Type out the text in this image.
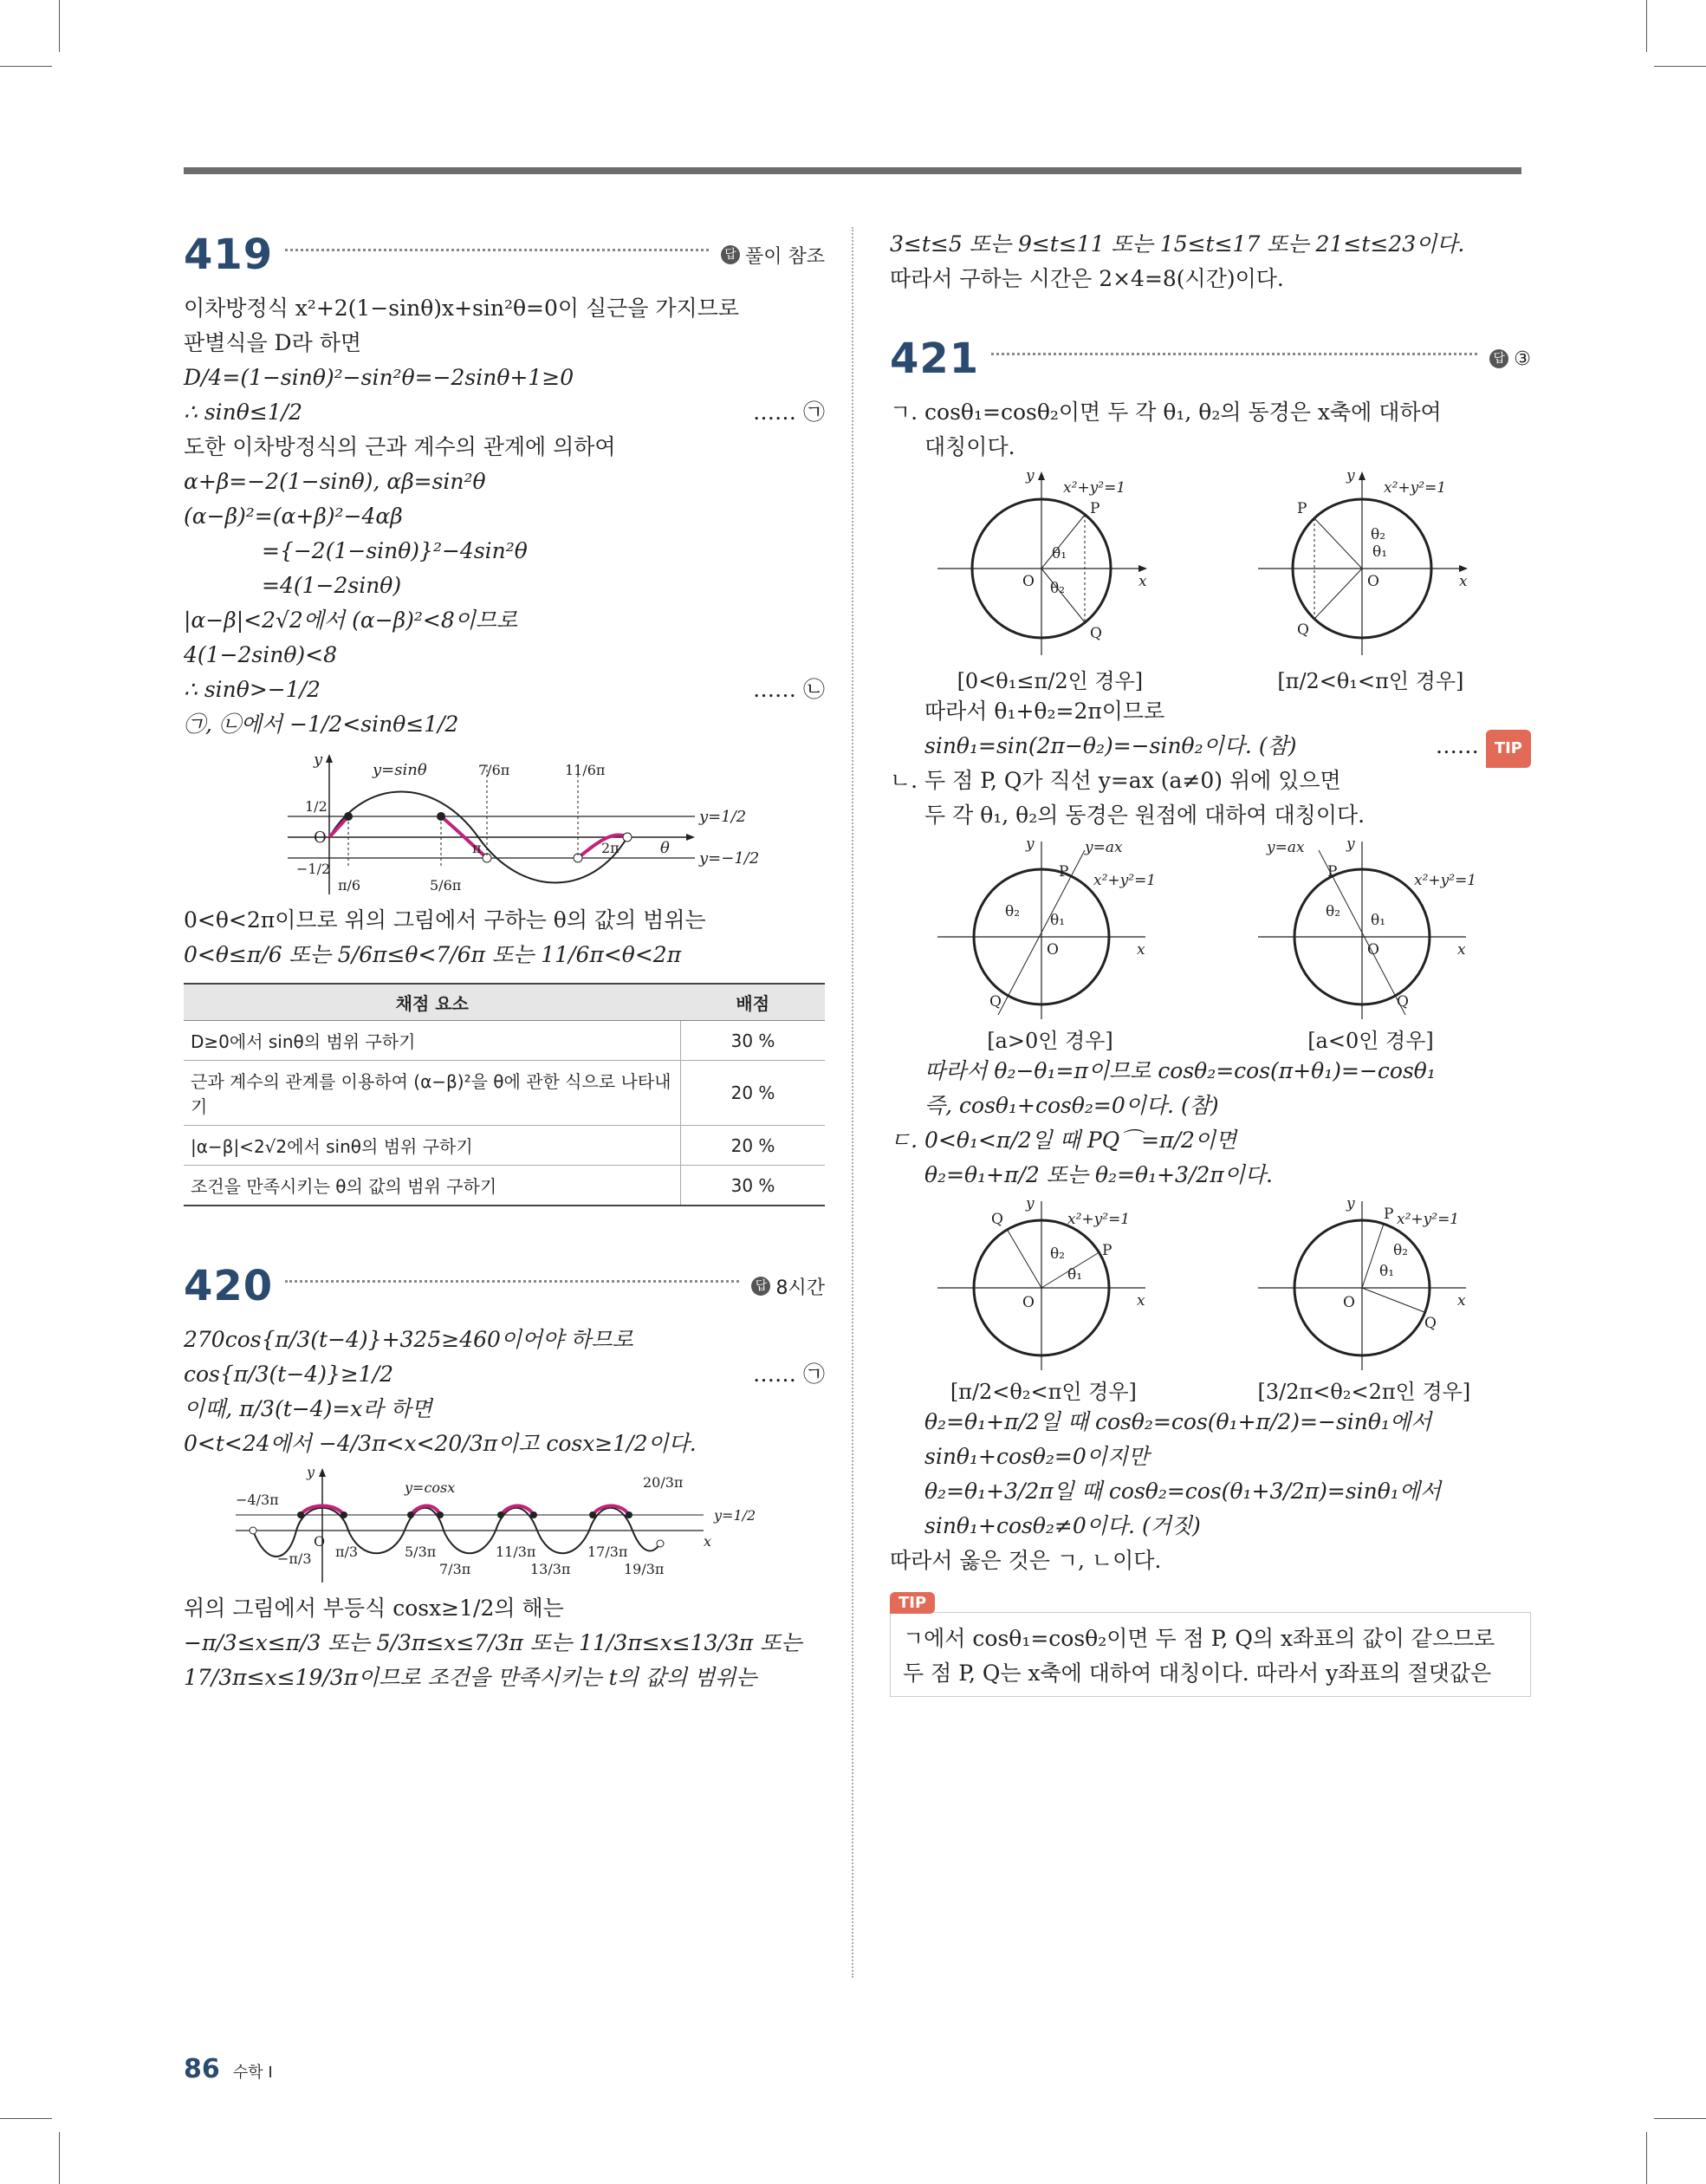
419	답 풀이 참조
이차방정식 x²+2(1−sinθ)x+sin²θ=0이 실근을 가지므로
판별식을 D라 하면
D/4=(1−sinθ)²−sin²θ=−2sinθ+1≥0
∴ sinθ≤1/2	…… ㉠
도한 이차방정식의 근과 계수의 관계에 의하여
α+β=−2(1−sinθ), αβ=sin²θ
(α−β)²=(α+β)²−4αβ
={−2(1−sinθ)}²−4sin²θ
=4(1−2sinθ)
|α−β|<2√2에서 (α−β)²<8이므로
4(1−2sinθ)<8
∴ sinθ>−1/2	…… ㉡
㉠, ㉡에서 −1/2<sinθ≤1/2
y
y=sinθ	7/6π	11/6π
y=1/2
y=−1/2
O
θ
1/2
−1/2
π/6	5/6π
π	2π
0<θ<2π이므로 위의 그림에서 구하는 θ의 값의 범위는
0<θ≤π/6 또는 5/6π≤θ<7/6π 또는 11/6π<θ<2π
채점 요소	배점
D≥0에서 sinθ의 범위 구하기	30 %
근과 계수의 관계를 이용하여 (α−β)²을 θ에 관한 식으로 나타내기	20 %
|α−β|<2√2에서 sinθ의 범위 구하기	20 %
조건을 만족시키는 θ의 값의 범위 구하기	30 %
420	답 8시간
270cos{π/3(t−4)}+325≥460이어야 하므로
cos{π/3(t−4)}≥1/2	…… ㉠
이때, π/3(t−4)=x라 하면
0<t<24에서 −4/3π<x<20/3π이고 cosx≥1/2이다.
y
y=cosx
y=1/2
O	x
−4/3π
−π/3 π/3	5/3π
7/3π
11/3π
13/3π
17/3π
19/3π
20/3π
위의 그림에서 부등식 cosx≥1/2의 해는
−π/3≤x≤π/3 또는 5/3π≤x≤7/3π 또는 11/3π≤x≤13/3π 또는
17/3π≤x≤19/3π이므로 조건을 만족시키는 t의 값의 범위는
3≤t≤5 또는 9≤t≤11 또는 15≤t≤17 또는 21≤t≤23이다.
따라서 구하는 시간은 2×4=8(시간)이다.
421	답 ③
ㄱ. cosθ₁=cosθ₂이면 두 각 θ₁, θ₂의 동경은 x축에 대하여
대칭이다.
y
x²+y²=1
P
Q
O	x
θ₁
θ₂
y
x²+y²=1
P
Q
O	x
θ₁
θ₂
[0<θ₁≤π/2인 경우]	[π/2<θ₁<π인 경우]
따라서 θ₁+θ₂=2π이므로
sinθ₁=sin(2π−θ₂)=−sinθ₂이다. (참)	…… TIP
ㄴ. 두 점 P, Q가 직선 y=ax (a≠0) 위에 있으면
두 각 θ₁, θ₂의 동경은 원점에 대하여 대칭이다.
y	y=ax
x²+y²=1
P
Q
O	x
θ₁
θ₂
y
y=ax
x²+y²=1
P
Q
O	x
θ₁
θ₂
[a>0인 경우]	[a<0인 경우]
따라서 θ₂−θ₁=π이므로 cosθ₂=cos(π+θ₁)=−cosθ₁
즉, cosθ₁+cosθ₂=0이다. (참)
ㄷ. 0<θ₁<π/2일 때 PQ⌒=π/2이면
θ₂=θ₁+π/2 또는 θ₂=θ₁+3/2π이다.
y
x²+y²=1
P
Q
O	x
θ₁
θ₂
y
x²+y²=1
P
Q
O	x
θ₁
θ₂
[π/2<θ₂<π인 경우]	[3/2π<θ₂<2π인 경우]
θ₂=θ₁+π/2일 때 cosθ₂=cos(θ₁+π/2)=−sinθ₁에서
sinθ₁+cosθ₂=0이지만
θ₂=θ₁+3/2π일 때 cosθ₂=cos(θ₁+3/2π)=sinθ₁에서
sinθ₁+cosθ₂≠0이다. (거짓)
따라서 옳은 것은 ㄱ, ㄴ이다.
TIP
ㄱ에서 cosθ₁=cosθ₂이면 두 점 P, Q의 x좌표의 값이 같으므로
두 점 P, Q는 x축에 대하여 대칭이다. 따라서 y좌표의 절댓값은
86 수학 I
